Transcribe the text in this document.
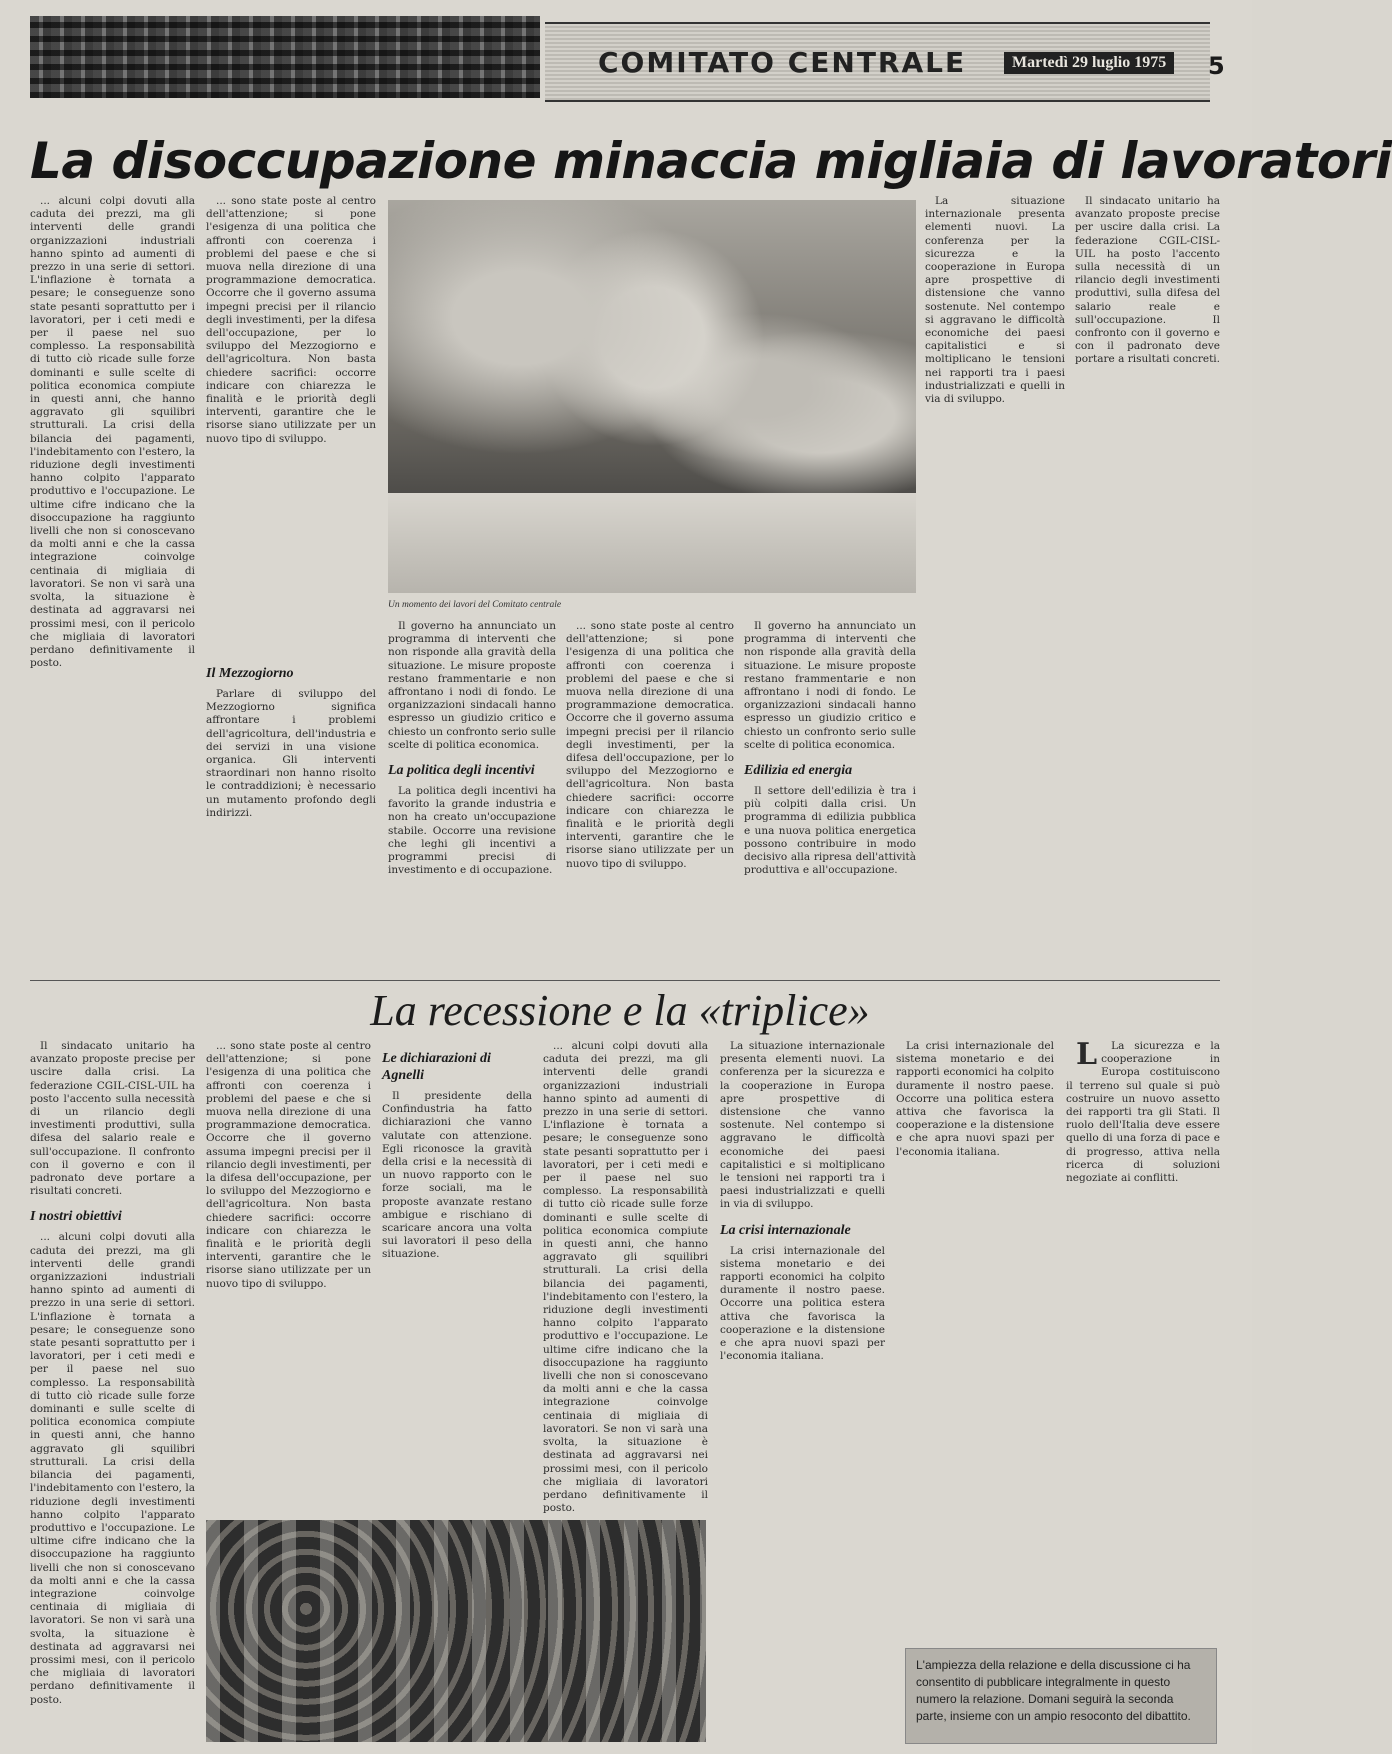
COMITATO CENTRALE	Martedì 29 luglio 1975	5
La disoccupazione minaccia migliaia di lavoratori

... alcuni colpi dovuti alla caduta dei prezzi, ma gli interventi delle grandi organizzazioni industriali hanno spinto ad aumenti di prezzo in una serie di settori. L'inflazione è tornata a pesare; le conseguenze sono state pesanti soprattutto per i lavoratori, per i ceti medi e per il paese nel suo complesso. La responsabilità di tutto ciò ricade sulle forze dominanti e sulle scelte di politica economica compiute in questi anni, che hanno aggravato gli squilibri strutturali. La crisi della bilancia dei pagamenti, l'indebitamento con l'estero, la riduzione degli investimenti hanno colpito l'apparato produttivo e l'occupazione. Le ultime cifre indicano che la disoccupazione ha raggiunto livelli che non si conoscevano da molti anni e che la cassa integrazione coinvolge centinaia di migliaia di lavoratori. Se non vi sarà una svolta, la situazione è destinata ad aggravarsi nei prossimi mesi, con il pericolo che migliaia di lavoratori perdano definitivamente il posto.

... sono state poste al centro dell'attenzione; si pone l'esigenza di una politica che affronti con coerenza i problemi del paese e che si muova nella direzione di una programmazione democratica. Occorre che il governo assuma impegni precisi per il rilancio degli investimenti, per la difesa dell'occupazione, per lo sviluppo del Mezzogiorno e dell'agricoltura. Non basta chiedere sacrifici: occorre indicare con chiarezza le finalità e le priorità degli interventi, garantire che le risorse siano utilizzate per un nuovo tipo di sviluppo.

Il Mezzogiorno

Parlare di sviluppo del Mezzogiorno significa affrontare i problemi dell'agricoltura, dell'industria e dei servizi in una visione organica. Gli interventi straordinari non hanno risolto le contraddizioni; è necessario un mutamento profondo degli indirizzi.

Un momento dei lavori del Comitato centrale

Il governo ha annunciato un programma di interventi che non risponde alla gravità della situazione. Le misure proposte restano frammentarie e non affrontano i nodi di fondo. Le organizzazioni sindacali hanno espresso un giudizio critico e chiesto un confronto serio sulle scelte di politica economica.

La politica degli incentivi

La politica degli incentivi ha favorito la grande industria e non ha creato un'occupazione stabile. Occorre una revisione che leghi gli incentivi a programmi precisi di investimento e di occupazione.

... sono state poste al centro dell'attenzione; si pone l'esigenza di una politica che affronti con coerenza i problemi del paese e che si muova nella direzione di una programmazione democratica. Occorre che il governo assuma impegni precisi per il rilancio degli investimenti, per la difesa dell'occupazione, per lo sviluppo del Mezzogiorno e dell'agricoltura. Non basta chiedere sacrifici: occorre indicare con chiarezza le finalità e le priorità degli interventi, garantire che le risorse siano utilizzate per un nuovo tipo di sviluppo.

Il governo ha annunciato un programma di interventi che non risponde alla gravità della situazione. Le misure proposte restano frammentarie e non affrontano i nodi di fondo. Le organizzazioni sindacali hanno espresso un giudizio critico e chiesto un confronto serio sulle scelte di politica economica.

Edilizia ed energia

Il settore dell'edilizia è tra i più colpiti dalla crisi. Un programma di edilizia pubblica e una nuova politica energetica possono contribuire in modo decisivo alla ripresa dell'attività produttiva e all'occupazione.

La situazione internazionale presenta elementi nuovi. La conferenza per la sicurezza e la cooperazione in Europa apre prospettive di distensione che vanno sostenute. Nel contempo si aggravano le difficoltà economiche dei paesi capitalistici e si moltiplicano le tensioni nei rapporti tra i paesi industrializzati e quelli in via di sviluppo.

Il sindacato unitario ha avanzato proposte precise per uscire dalla crisi. La federazione CGIL-CISL-UIL ha posto l'accento sulla necessità di un rilancio degli investimenti produttivi, sulla difesa del salario reale e sull'occupazione. Il confronto con il governo e con il padronato deve portare a risultati concreti.

La recessione e la «triplice»

Il sindacato unitario ha avanzato proposte precise per uscire dalla crisi. La federazione CGIL-CISL-UIL ha posto l'accento sulla necessità di un rilancio degli investimenti produttivi, sulla difesa del salario reale e sull'occupazione. Il confronto con il governo e con il padronato deve portare a risultati concreti.

I nostri obiettivi

... alcuni colpi dovuti alla caduta dei prezzi, ma gli interventi delle grandi organizzazioni industriali hanno spinto ad aumenti di prezzo in una serie di settori. L'inflazione è tornata a pesare; le conseguenze sono state pesanti soprattutto per i lavoratori, per i ceti medi e per il paese nel suo complesso. La responsabilità di tutto ciò ricade sulle forze dominanti e sulle scelte di politica economica compiute in questi anni, che hanno aggravato gli squilibri strutturali. La crisi della bilancia dei pagamenti, l'indebitamento con l'estero, la riduzione degli investimenti hanno colpito l'apparato produttivo e l'occupazione. Le ultime cifre indicano che la disoccupazione ha raggiunto livelli che non si conoscevano da molti anni e che la cassa integrazione coinvolge centinaia di migliaia di lavoratori. Se non vi sarà una svolta, la situazione è destinata ad aggravarsi nei prossimi mesi, con il pericolo che migliaia di lavoratori perdano definitivamente il posto.

... sono state poste al centro dell'attenzione; si pone l'esigenza di una politica che affronti con coerenza i problemi del paese e che si muova nella direzione di una programmazione democratica. Occorre che il governo assuma impegni precisi per il rilancio degli investimenti, per la difesa dell'occupazione, per lo sviluppo del Mezzogiorno e dell'agricoltura. Non basta chiedere sacrifici: occorre indicare con chiarezza le finalità e le priorità degli interventi, garantire che le risorse siano utilizzate per un nuovo tipo di sviluppo.

Le dichiarazioni di Agnelli

Il presidente della Confindustria ha fatto dichiarazioni che vanno valutate con attenzione. Egli riconosce la gravità della crisi e la necessità di un nuovo rapporto con le forze sociali, ma le proposte avanzate restano ambigue e rischiano di scaricare ancora una volta sui lavoratori il peso della situazione.

... alcuni colpi dovuti alla caduta dei prezzi, ma gli interventi delle grandi organizzazioni industriali hanno spinto ad aumenti di prezzo in una serie di settori. L'inflazione è tornata a pesare; le conseguenze sono state pesanti soprattutto per i lavoratori, per i ceti medi e per il paese nel suo complesso. La responsabilità di tutto ciò ricade sulle forze dominanti e sulle scelte di politica economica compiute in questi anni, che hanno aggravato gli squilibri strutturali. La crisi della bilancia dei pagamenti, l'indebitamento con l'estero, la riduzione degli investimenti hanno colpito l'apparato produttivo e l'occupazione. Le ultime cifre indicano che la disoccupazione ha raggiunto livelli che non si conoscevano da molti anni e che la cassa integrazione coinvolge centinaia di migliaia di lavoratori. Se non vi sarà una svolta, la situazione è destinata ad aggravarsi nei prossimi mesi, con il pericolo che migliaia di lavoratori perdano definitivamente il posto.

La situazione internazionale presenta elementi nuovi. La conferenza per la sicurezza e la cooperazione in Europa apre prospettive di distensione che vanno sostenute. Nel contempo si aggravano le difficoltà economiche dei paesi capitalistici e si moltiplicano le tensioni nei rapporti tra i paesi industrializzati e quelli in via di sviluppo.

La crisi internazionale

La crisi internazionale del sistema monetario e dei rapporti economici ha colpito duramente il nostro paese. Occorre una politica estera attiva che favorisca la cooperazione e la distensione e che apra nuovi spazi per l'economia italiana.

La crisi internazionale del sistema monetario e dei rapporti economici ha colpito duramente il nostro paese. Occorre una politica estera attiva che favorisca la cooperazione e la distensione e che apra nuovi spazi per l'economia italiana.

L La sicurezza e la cooperazione in Europa costituiscono il terreno sul quale si può costruire un nuovo assetto dei rapporti tra gli Stati. Il ruolo dell'Italia deve essere quello di una forza di pace e di progresso, attiva nella ricerca di soluzioni negoziate ai conflitti.

L'ampiezza della relazione e della discussione ci ha consentito di pubblicare integralmente in questo numero la relazione. Domani seguirà la seconda parte, insieme con un ampio resoconto del dibattito.
